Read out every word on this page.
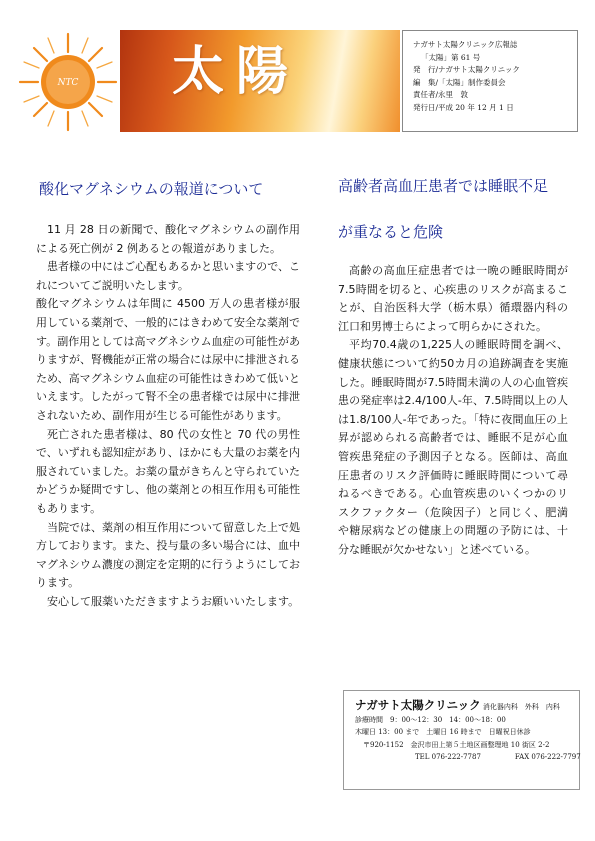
NTC 太陽	ナガサト太陽クリニック広報誌
「太陽」第 61 号
発　行/ナガサト太陽クリニック
編　集/「太陽」制作委員会
責任者/永里　敦
発行日/平成 20 年 12 月 1 日
酸化マグネシウムの報道について

11 月 28 日の新聞で、酸化マグネシウムの副作用による死亡例が 2 例あるとの報道がありました。

患者様の中にはご心配もあるかと思いますので、これについてご説明いたします。

酸化マグネシウムは年間に 4500 万人の患者様が服用している薬剤で、一般的にはきわめて安全な薬剤です。副作用としては高マグネシウム血症の可能性がありますが、腎機能が正常の場合には尿中に排泄されるため、高マグネシウム血症の可能性はきわめて低いといえます。したがって腎不全の患者様では尿中に排泄されないため、副作用が生じる可能性があります。

死亡された患者様は、80 代の女性と 70 代の男性で、いずれも認知症があり、ほかにも大量のお薬を内服されていました。お薬の量がきちんと守られていたかどうか疑問ですし、他の薬剤との相互作用も可能性もあります。

当院では、薬剤の相互作用について留意した上で処方しております。また、投与量の多い場合には、血中マグネシウム濃度の測定を定期的に行うようにしております。

安心して服薬いただきますようお願いいたします。

高齢者高血圧患者では睡眠不足
が重なると危険

高齢の高血圧症患者では一晩の睡眠時間が7.5時間を切ると、心疾患のリスクが高まることが、自治医科大学（栃木県）循環器内科の江口和男博士らによって明らかにされた。

平均70.4歳の1,225人の睡眠時間を調べ、健康状態について約50カ月の追跡調査を実施した。睡眠時間が7.5時間未満の人の心血管疾患の発症率は2.4/100人-年、7.5時間以上の人は1.8/100人-年であった。「特に夜間血圧の上昇が認められる高齢者では、睡眠不足が心血管疾患発症の予測因子となる。医師は、高血圧患者のリスク評価時に睡眠時間について尋ねるべきである。心血管疾患のいくつかのリスクファクター（危険因子）と同じく、肥満や糖尿病などの健康上の問題の予防には、十分な睡眠が欠かせない」と述べている。

ナガサト太陽クリニック 消化器内科　外科　内科
診療時間　9：00〜12：30　14：00〜18：00
木曜日 13：00 まで　土曜日 16 時まで　日曜祝日休診
〒920-1152　金沢市田上第５土地区画整理地 10 街区 2-2
TEL 076-222-7787	FAX 076-222-7797
